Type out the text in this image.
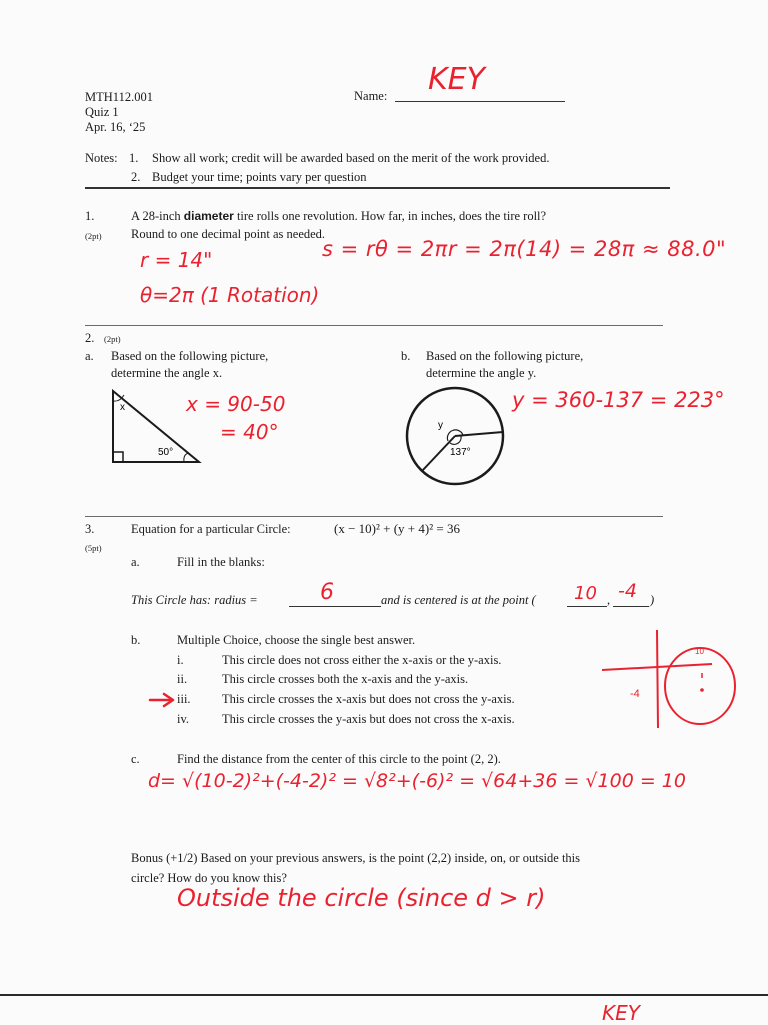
MTH112.001
Quiz 1
Apr. 16, ‘25
Name: KEY
Notes: 1. Show all work; credit will be awarded based on the merit of the work provided.
2. Budget your time; points vary per question
1.
(2pt)
A 28-inch diameter tire rolls one revolution. How far, in inches, does the tire roll?
Round to one decimal point as needed.
r = 14"	s = rθ = 2πr = 2π(14) = 28π ≈ 88.0"
θ=2π (1 Rotation)
2. (2pt)
a. Based on the following picture,
determine the angle x.
x
50°
x = 90-50
= 40°
b. Based on the following picture,
determine the angle y.
y
137°
y = 360-137 = 223°
3.
(5pt)
Equation for a particular Circle:	(x − 10)² + (y + 4)² = 36
a.	Fill in the blanks:
This Circle has: radius =	6	and is centered is at the point ( 10 , -4 )
b.	Multiple Choice, choose the single best answer.
i.	This circle does not cross either the x-axis or the y-axis.
ii.	This circle crosses both the x-axis and the y-axis.
iii.	This circle crosses the x-axis but does not cross the y-axis.
iv.	This circle crosses the y-axis but does not cross the x-axis.
-4
10
c.	Find the distance from the center of this circle to the point (2, 2).
d= √(10-2)²+(-4-2)² = √8²+(-6)² = √64+36 = √100 = 10
Bonus (+1/2) Based on your previous answers, is the point (2,2) inside, on, or outside this
circle? How do you know this?
Outside the circle (since d > r)
KEY
